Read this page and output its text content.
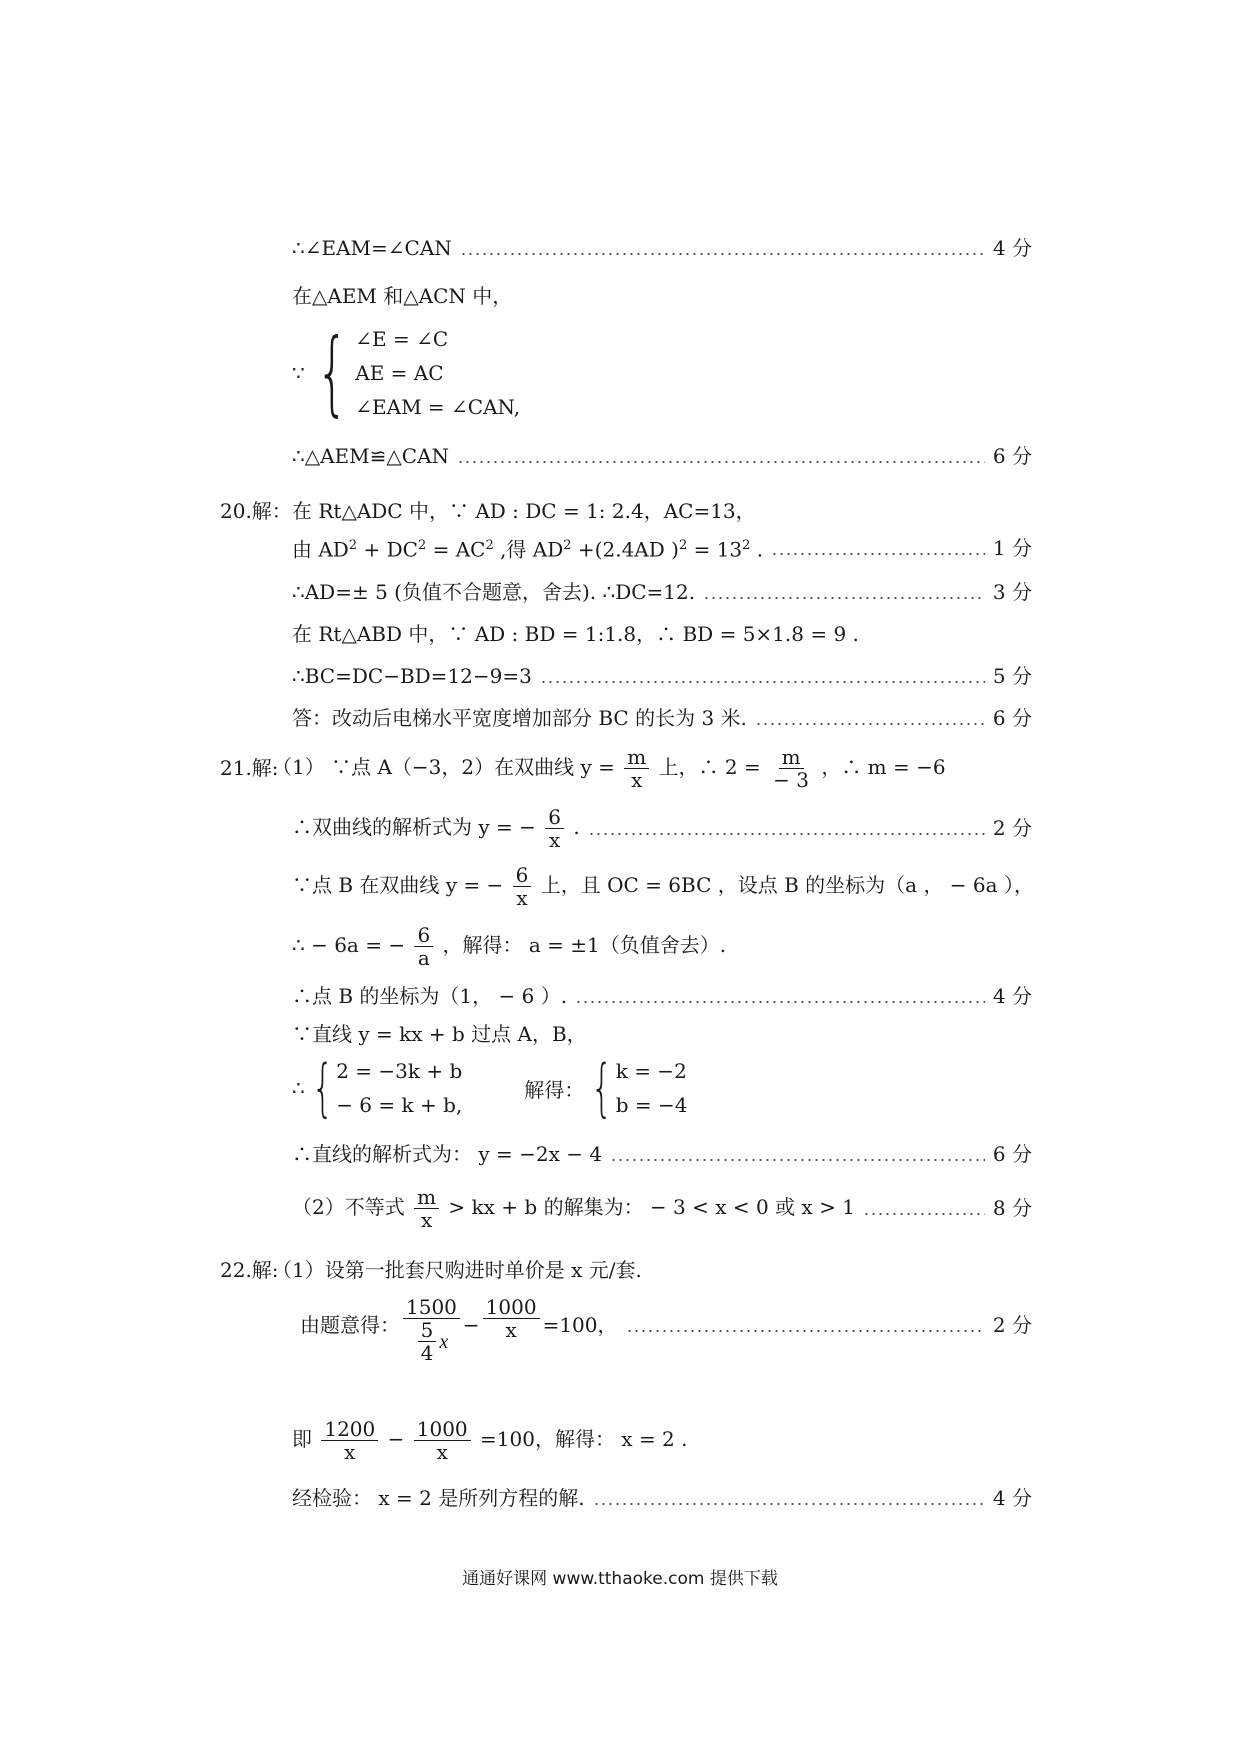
∴∠EAM=∠CAN	4 分
在△AEM 和△ACN 中，
∵ { ∠E = ∠C
AE = AC
∠EAM = ∠CAN,
∴△AEM≌△CAN	6 分
20.解： 在 Rt△ADC 中，∵ AD : DC = 1: 2.4，AC=13，
由 $AD^2 + DC^2 = AC^2$ ,得 $AD^2 +(2.4AD$ )$^2 = 13^2$ .	1 分
∴AD=± 5 (负值不合题意，舍去). ∴DC=12.	3 分
在 Rt△ABD 中，∵ AD : BD = 1:1.8，∴ BD = 5×1.8 = 9 .
∴BC=DC−BD=12−9=3	5 分
答：改动后电梯水平宽度增加部分 BC 的长为 3 米.	6 分
21.解:
（1） ∵点 A（−3，2）在双曲线 $y = \frac{m}{x}$ 上，∴ $2 = \frac{m}{- 3}$ ，∴ m = −6
∴双曲线的解析式为 y = − $\frac{6}{x}$ .	2 分
∵点 B 在双曲线 y = − $\frac{6}{x}$ 上，且 OC = 6BC ，设点 B 的坐标为（a ， − 6a ），
∴ − 6a = − $\frac{6}{a}$ ，解得： a = ±1（负值舍去）.
∴点 B 的坐标为（1， − 6 ）.	4 分
∵直线 y = kx + b 过点 A，B，
∴ { 2 = −3k + b
− 6 = k + b,
解得： { k = −2
b = −4
∴直线的解析式为： y = −2x − 4	6 分
（2）不等式 $\frac{m}{x}$ > kx + b 的解集为： − 3 < x < 0 或 x > 1	8 分
22.解:
（1）设第一批套尺购进时单价是 x 元/套.
由题意得： $\frac{1500}{\frac{5}{4} x} - \frac{1000}{x} =100$，	2 分
即 $\frac{1200}{x} - \frac{1000}{x} =100$，解得： x = 2 .
经检验： x = 2 是所列方程的解.	4 分
通通好课网 www.tthaoke.com 提供下载
